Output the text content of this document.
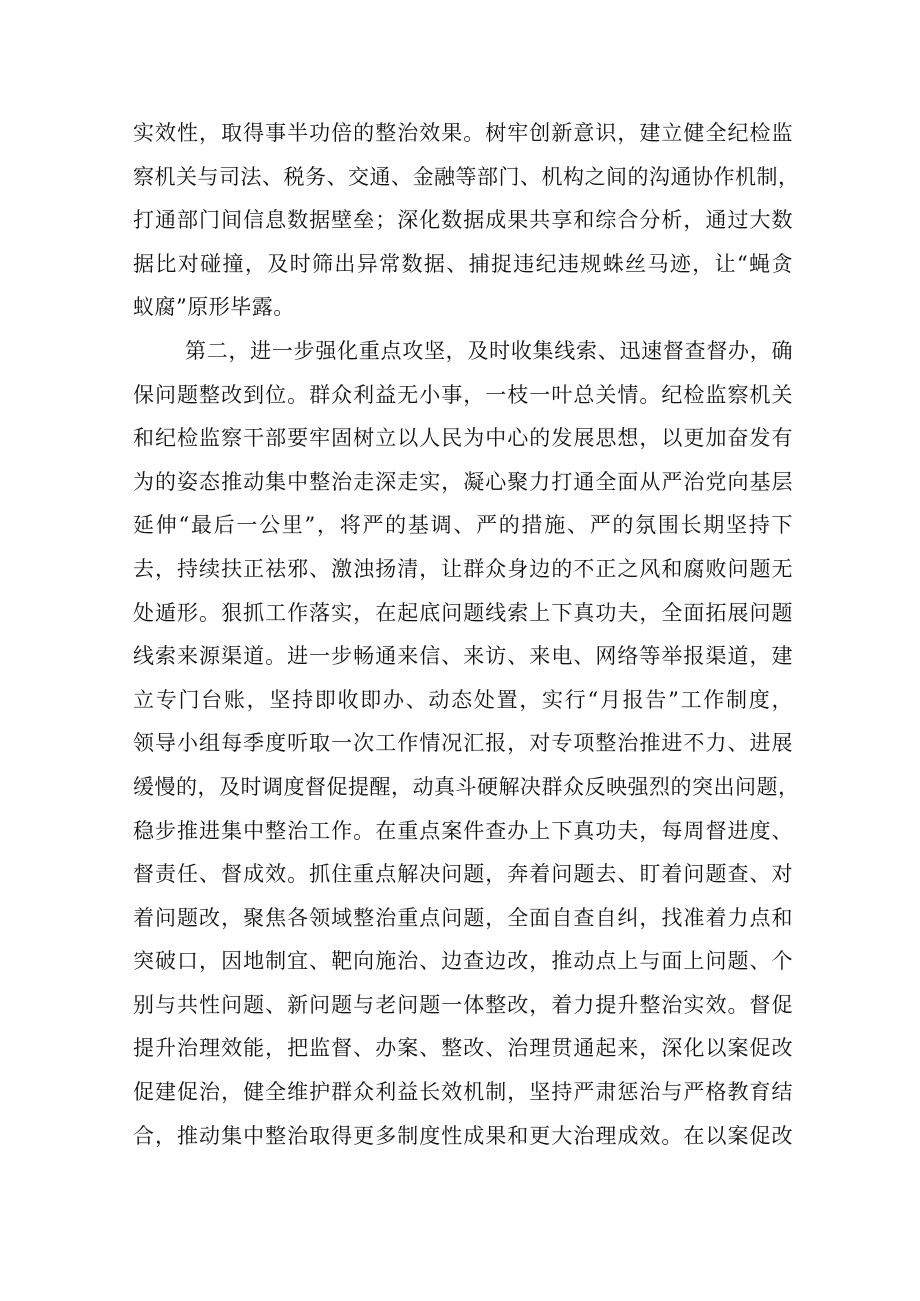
实效性，取得事半功倍的整治效果。树牢创新意识，建立健全纪检监
察机关与司法、税务、交通、金融等部门、机构之间的沟通协作机制，
打通部门间信息数据壁垒；深化数据成果共享和综合分析，通过大数
据比对碰撞，及时筛出异常数据、捕捉违纪违规蛛丝马迹，让“蝇贪
蚁腐”原形毕露。
第二，进一步强化重点攻坚，及时收集线索、迅速督查督办，确
保问题整改到位。群众利益无小事，一枝一叶总关情。纪检监察机关
和纪检监察干部要牢固树立以人民为中心的发展思想，以更加奋发有
为的姿态推动集中整治走深走实，凝心聚力打通全面从严治党向基层
延伸“最后一公里”，将严的基调、严的措施、严的氛围长期坚持下
去，持续扶正祛邪、激浊扬清，让群众身边的不正之风和腐败问题无
处遁形。狠抓工作落实，在起底问题线索上下真功夫，全面拓展问题
线索来源渠道。进一步畅通来信、来访、来电、网络等举报渠道，建
立专门台账，坚持即收即办、动态处置，实行“月报告”工作制度，
领导小组每季度听取一次工作情况汇报，对专项整治推进不力、进展
缓慢的，及时调度督促提醒，动真斗硬解决群众反映强烈的突出问题，
稳步推进集中整治工作。在重点案件查办上下真功夫，每周督进度、
督责任、督成效。抓住重点解决问题，奔着问题去、盯着问题查、对
着问题改，聚焦各领域整治重点问题，全面自查自纠，找准着力点和
突破口，因地制宜、靶向施治、边查边改，推动点上与面上问题、个
别与共性问题、新问题与老问题一体整改，着力提升整治实效。督促
提升治理效能，把监督、办案、整改、治理贯通起来，深化以案促改
促建促治，健全维护群众利益长效机制，坚持严肃惩治与严格教育结
合，推动集中整治取得更多制度性成果和更大治理成效。在以案促改
